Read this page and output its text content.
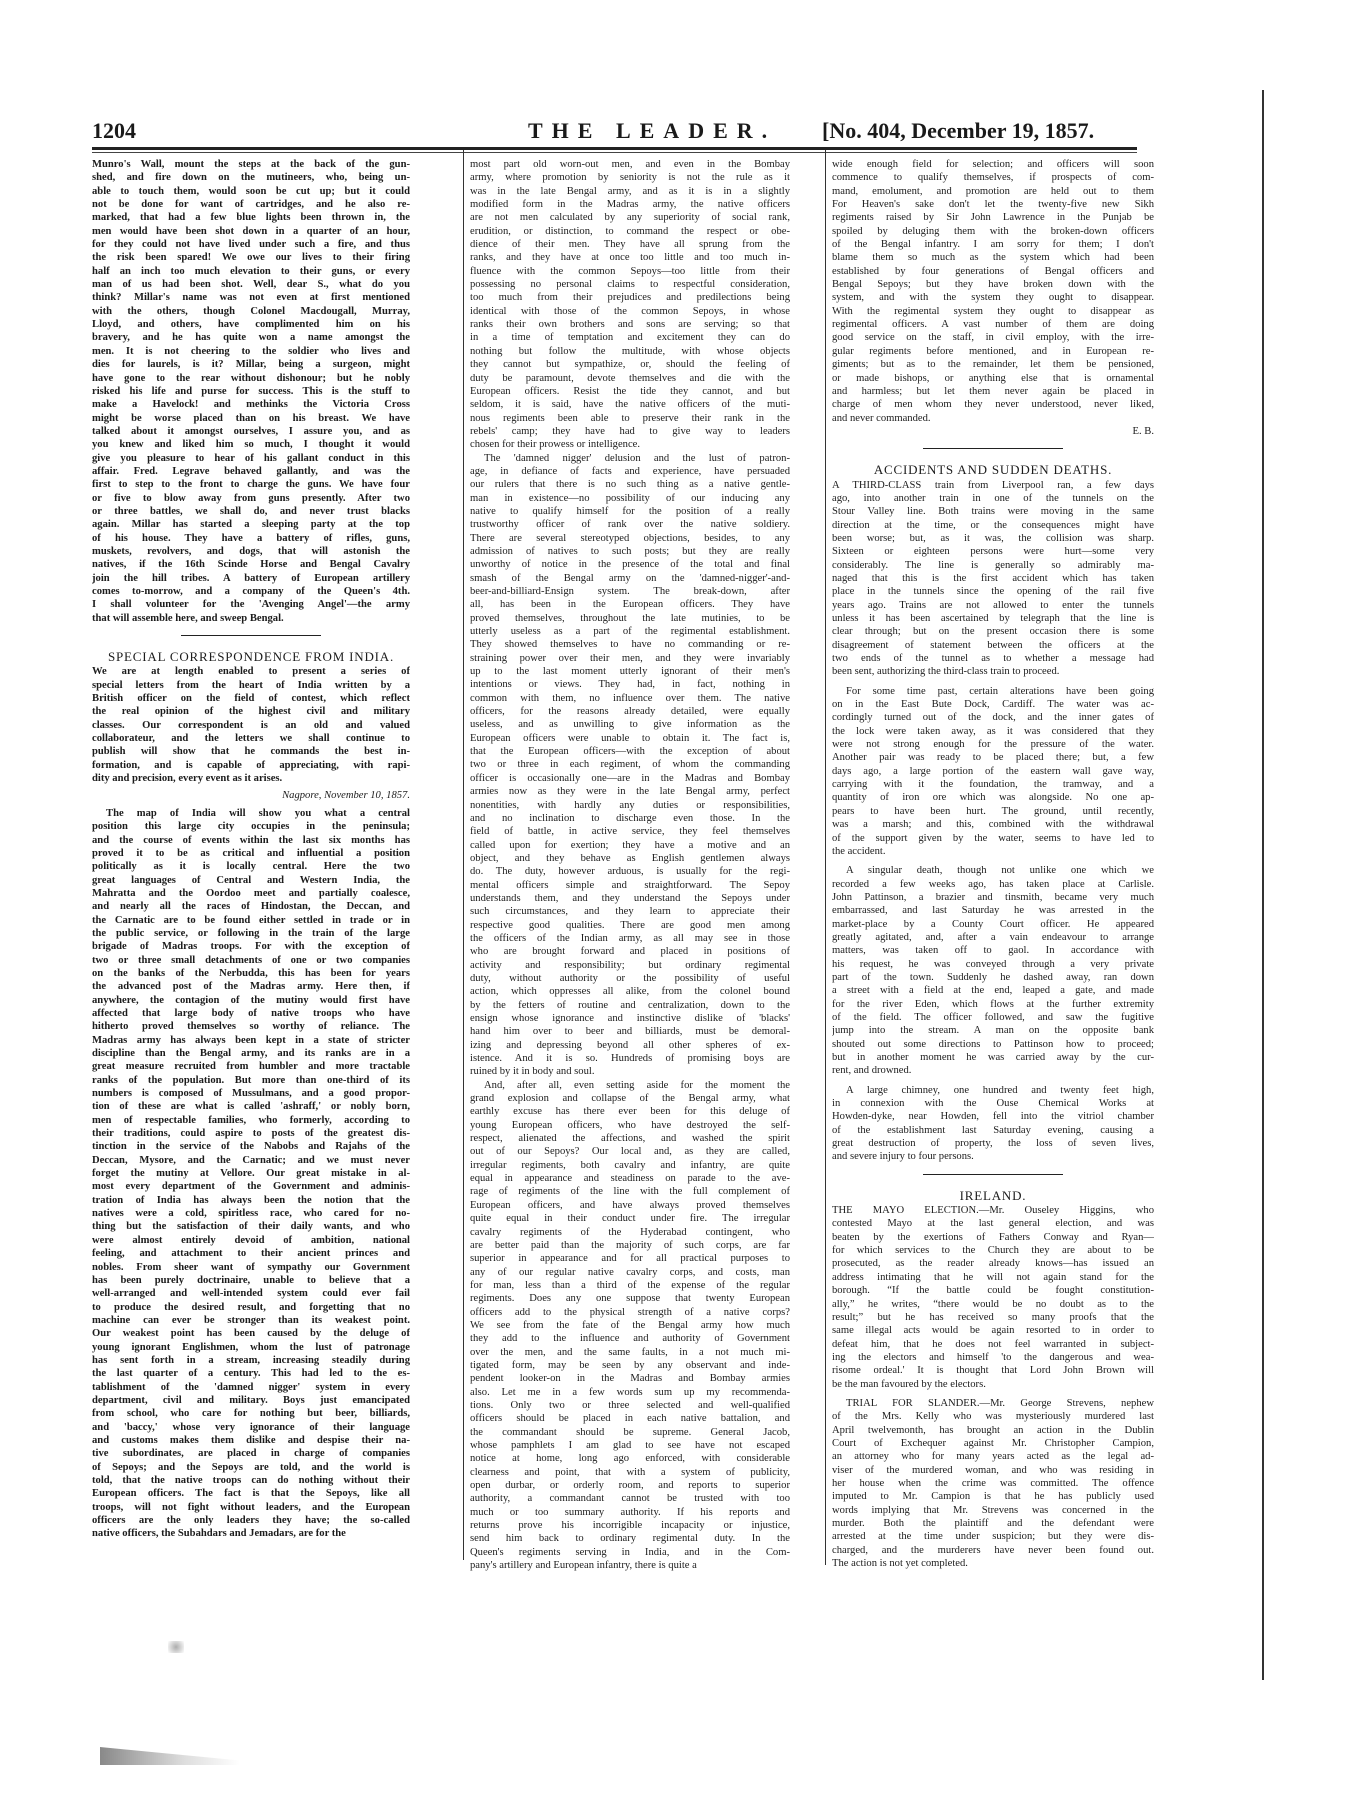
1204	THE LEADER. [No. 404, December 19, 1857.
Munro's Wall, mount the steps at the back of the gun-
shed, and fire down on the mutineers, who, being un-
able to touch them, would soon be cut up; but it could
not be done for want of cartridges, and he also re-
marked, that had a few blue lights been thrown in, the
men would have been shot down in a quarter of an hour,
for they could not have lived under such a fire, and thus
the risk been spared! We owe our lives to their firing
half an inch too much elevation to their guns, or every
man of us had been shot. Well, dear S., what do you
think? Millar's name was not even at first mentioned
with the others, though Colonel Macdougall, Murray,
Lloyd, and others, have complimented him on his
bravery, and he has quite won a name amongst the
men. It is not cheering to the soldier who lives and
dies for laurels, is it? Millar, being a surgeon, might
have gone to the rear without dishonour; but he nobly
risked his life and purse for success. This is the stuff to
make a Havelock! and methinks the Victoria Cross
might be worse placed than on his breast. We have
talked about it amongst ourselves, I assure you, and as
you knew and liked him so much, I thought it would
give you pleasure to hear of his gallant conduct in this
affair. Fred. Legrave behaved gallantly, and was the
first to step to the front to charge the guns. We have four
or five to blow away from guns presently. After two
or three battles, we shall do, and never trust blacks
again. Millar has started a sleeping party at the top
of his house. They have a battery of rifles, guns,
muskets, revolvers, and dogs, that will astonish the
natives, if the 16th Scinde Horse and Bengal Cavalry
join the hill tribes. A battery of European artillery
comes to-morrow, and a company of the Queen's 4th.
I shall volunteer for the 'Avenging Angel'—the army
that will assemble here, and sweep Bengal.
SPECIAL CORRESPONDENCE FROM INDIA.
We are at length enabled to present a series of
special letters from the heart of India written by a
British officer on the field of contest, which reflect
the real opinion of the highest civil and military
classes. Our correspondent is an old and valued
collaborateur, and the letters we shall continue to
publish will show that he commands the best in-
formation, and is capable of appreciating, with rapi-
dity and precision, every event as it arises.
Nagpore, November 10, 1857.
The map of India will show you what a central
position this large city occupies in the peninsula;
and the course of events within the last six months has
proved it to be as critical and influential a position
politically as it is locally central. Here the two
great languages of Central and Western India, the
Mahratta and the Oordoo meet and partially coalesce,
and nearly all the races of Hindostan, the Deccan, and
the Carnatic are to be found either settled in trade or in
the public service, or following in the train of the large
brigade of Madras troops. For with the exception of
two or three small detachments of one or two companies
on the banks of the Nerbudda, this has been for years
the advanced post of the Madras army. Here then, if
anywhere, the contagion of the mutiny would first have
affected that large body of native troops who have
hitherto proved themselves so worthy of reliance. The
Madras army has always been kept in a state of stricter
discipline than the Bengal army, and its ranks are in a
great measure recruited from humbler and more tractable
ranks of the population. But more than one-third of its
numbers is composed of Mussulmans, and a good propor-
tion of these are what is called 'ashraff,' or nobly born,
men of respectable families, who formerly, according to
their traditions, could aspire to posts of the greatest dis-
tinction in the service of the Nabobs and Rajahs of the
Deccan, Mysore, and the Carnatic; and we must never
forget the mutiny at Vellore. Our great mistake in al-
most every department of the Government and adminis-
tration of India has always been the notion that the
natives were a cold, spiritless race, who cared for no-
thing but the satisfaction of their daily wants, and who
were almost entirely devoid of ambition, national
feeling, and attachment to their ancient princes and
nobles. From sheer want of sympathy our Government
has been purely doctrinaire, unable to believe that a
well-arranged and well-intended system could ever fail
to produce the desired result, and forgetting that no
machine can ever be stronger than its weakest point.
Our weakest point has been caused by the deluge of
young ignorant Englishmen, whom the lust of patronage
has sent forth in a stream, increasing steadily during
the last quarter of a century. This had led to the es-
tablishment of the 'damned nigger' system in every
department, civil and military. Boys just emancipated
from school, who care for nothing but beer, billiards,
and 'baccy,' whose very ignorance of their language
and customs makes them dislike and despise their na-
tive subordinates, are placed in charge of companies
of Sepoys; and the Sepoys are told, and the world is
told, that the native troops can do nothing without their
European officers. The fact is that the Sepoys, like all
troops, will not fight without leaders, and the European
officers are the only leaders they have; the so-called
native officers, the Subahdars and Jemadars, are for the
most part old worn-out men, and even in the Bombay
army, where promotion by seniority is not the rule as it
was in the late Bengal army, and as it is in a slightly
modified form in the Madras army, the native officers
are not men calculated by any superiority of social rank,
erudition, or distinction, to command the respect or obe-
dience of their men. They have all sprung from the
ranks, and they have at once too little and too much in-
fluence with the common Sepoys—too little from their
possessing no personal claims to respectful consideration,
too much from their prejudices and predilections being
identical with those of the common Sepoys, in whose
ranks their own brothers and sons are serving; so that
in a time of temptation and excitement they can do
nothing but follow the multitude, with whose objects
they cannot but sympathize, or, should the feeling of
duty be paramount, devote themselves and die with the
European officers. Resist the tide they cannot, and but
seldom, it is said, have the native officers of the muti-
nous regiments been able to preserve their rank in the
rebels' camp; they have had to give way to leaders
chosen for their prowess or intelligence.
The 'damned nigger' delusion and the lust of patron-
age, in defiance of facts and experience, have persuaded
our rulers that there is no such thing as a native gentle-
man in existence—no possibility of our inducing any
native to qualify himself for the position of a really
trustworthy officer of rank over the native soldiery.
There are several stereotyped objections, besides, to any
admission of natives to such posts; but they are really
unworthy of notice in the presence of the total and final
smash of the Bengal army on the 'damned-nigger'-and-
beer-and-billiard-Ensign system. The break-down, after
all, has been in the European officers. They have
proved themselves, throughout the late mutinies, to be
utterly useless as a part of the regimental establishment.
They showed themselves to have no commanding or re-
straining power over their men, and they were invariably
up to the last moment utterly ignorant of their men's
intentions or views. They had, in fact, nothing in
common with them, no influence over them. The native
officers, for the reasons already detailed, were equally
useless, and as unwilling to give information as the
European officers were unable to obtain it. The fact is,
that the European officers—with the exception of about
two or three in each regiment, of whom the commanding
officer is occasionally one—are in the Madras and Bombay
armies now as they were in the late Bengal army, perfect
nonentities, with hardly any duties or responsibilities,
and no inclination to discharge even those. In the
field of battle, in active service, they feel themselves
called upon for exertion; they have a motive and an
object, and they behave as English gentlemen always
do. The duty, however arduous, is usually for the regi-
mental officers simple and straightforward. The Sepoy
understands them, and they understand the Sepoys under
such circumstances, and they learn to appreciate their
respective good qualities. There are good men among
the officers of the Indian army, as all may see in those
who are brought forward and placed in positions of
activity and responsibility; but ordinary regimental
duty, without authority or the possibility of useful
action, which oppresses all alike, from the colonel bound
by the fetters of routine and centralization, down to the
ensign whose ignorance and instinctive dislike of 'blacks'
hand him over to beer and billiards, must be demoral-
izing and depressing beyond all other spheres of ex-
istence. And it is so. Hundreds of promising boys are
ruined by it in body and soul.
And, after all, even setting aside for the moment the
grand explosion and collapse of the Bengal army, what
earthly excuse has there ever been for this deluge of
young European officers, who have destroyed the self-
respect, alienated the affections, and washed the spirit
out of our Sepoys? Our local and, as they are called,
irregular regiments, both cavalry and infantry, are quite
equal in appearance and steadiness on parade to the ave-
rage of regiments of the line with the full complement of
European officers, and have always proved themselves
quite equal in their conduct under fire. The irregular
cavalry regiments of the Hyderabad contingent, who
are better paid than the majority of such corps, are far
superior in appearance and for all practical purposes to
any of our regular native cavalry corps, and costs, man
for man, less than a third of the expense of the regular
regiments. Does any one suppose that twenty European
officers add to the physical strength of a native corps?
We see from the fate of the Bengal army how much
they add to the influence and authority of Government
over the men, and the same faults, in a not much mi-
tigated form, may be seen by any observant and inde-
pendent looker-on in the Madras and Bombay armies
also. Let me in a few words sum up my recommenda-
tions. Only two or three selected and well-qualified
officers should be placed in each native battalion, and
the commandant should be supreme. General Jacob,
whose pamphlets I am glad to see have not escaped
notice at home, long ago enforced, with considerable
clearness and point, that with a system of publicity,
open durbar, or orderly room, and reports to superior
authority, a commandant cannot be trusted with too
much or too summary authority. If his reports and
returns prove his incorrigible incapacity or injustice,
send him back to ordinary regimental duty. In the
Queen's regiments serving in India, and in the Com-
pany's artillery and European infantry, there is quite a
wide enough field for selection; and officers will soon
commence to qualify themselves, if prospects of com-
mand, emolument, and promotion are held out to them
For Heaven's sake don't let the twenty-five new Sikh
regiments raised by Sir John Lawrence in the Punjab be
spoiled by deluging them with the broken-down officers
of the Bengal infantry. I am sorry for them; I don't
blame them so much as the system which had been
established by four generations of Bengal officers and
Bengal Sepoys; but they have broken down with the
system, and with the system they ought to disappear.
With the regimental system they ought to disappear as
regimental officers. A vast number of them are doing
good service on the staff, in civil employ, with the irre-
gular regiments before mentioned, and in European re-
giments; but as to the remainder, let them be pensioned,
or made bishops, or anything else that is ornamental
and harmless; but let them never again be placed in
charge of men whom they never understood, never liked,
and never commanded.
E. B.
ACCIDENTS AND SUDDEN DEATHS.
A THIRD-CLASS train from Liverpool ran, a few days
ago, into another train in one of the tunnels on the
Stour Valley line. Both trains were moving in the same
direction at the time, or the consequences might have
been worse; but, as it was, the collision was sharp.
Sixteen or eighteen persons were hurt—some very
considerably. The line is generally so admirably ma-
naged that this is the first accident which has taken
place in the tunnels since the opening of the rail five
years ago. Trains are not allowed to enter the tunnels
unless it has been ascertained by telegraph that the line is
clear through; but on the present occasion there is some
disagreement of statement between the officers at the
two ends of the tunnel as to whether a message had
been sent, authorizing the third-class train to proceed.
For some time past, certain alterations have been going
on in the East Bute Dock, Cardiff. The water was ac-
cordingly turned out of the dock, and the inner gates of
the lock were taken away, as it was considered that they
were not strong enough for the pressure of the water.
Another pair was ready to be placed there; but, a few
days ago, a large portion of the eastern wall gave way,
carrying with it the foundation, the tramway, and a
quantity of iron ore which was alongside. No one ap-
pears to have been hurt. The ground, until recently,
was a marsh; and this, combined with the withdrawal
of the support given by the water, seems to have led to
the accident.
A singular death, though not unlike one which we
recorded a few weeks ago, has taken place at Carlisle.
John Pattinson, a brazier and tinsmith, became very much
embarrassed, and last Saturday he was arrested in the
market-place by a County Court officer. He appeared
greatly agitated, and, after a vain endeavour to arrange
matters, was taken off to gaol. In accordance with
his request, he was conveyed through a very private
part of the town. Suddenly he dashed away, ran down
a street with a field at the end, leaped a gate, and made
for the river Eden, which flows at the further extremity
of the field. The officer followed, and saw the fugitive
jump into the stream. A man on the opposite bank
shouted out some directions to Pattinson how to proceed;
but in another moment he was carried away by the cur-
rent, and drowned.
A large chimney, one hundred and twenty feet high,
in connexion with the Ouse Chemical Works at
Howden-dyke, near Howden, fell into the vitriol chamber
of the establishment last Saturday evening, causing a
great destruction of property, the loss of seven lives,
and severe injury to four persons.
IRELAND.
THE MAYO ELECTION.—Mr. Ouseley Higgins, who
contested Mayo at the last general election, and was
beaten by the exertions of Fathers Conway and Ryan—
for which services to the Church they are about to be
prosecuted, as the reader already knows—has issued an
address intimating that he will not again stand for the
borough. “If the battle could be fought constitution-
ally,” he writes, “there would be no doubt as to the
result;” but he has received so many proofs that the
same illegal acts would be again resorted to in order to
defeat him, that he does not feel warranted in subject-
ing the electors and himself 'to the dangerous and wea-
risome ordeal.' It is thought that Lord John Brown will
be the man favoured by the electors.
TRIAL FOR SLANDER.—Mr. George Strevens, nephew
of the Mrs. Kelly who was mysteriously murdered last
April twelvemonth, has brought an action in the Dublin
Court of Exchequer against Mr. Christopher Campion,
an attorney who for many years acted as the legal ad-
viser of the murdered woman, and who was residing in
her house when the crime was committed. The offence
imputed to Mr. Campion is that he has publicly used
words implying that Mr. Strevens was concerned in the
murder. Both the plaintiff and the defendant were
arrested at the time under suspicion; but they were dis-
charged, and the murderers have never been found out.
The action is not yet completed.
